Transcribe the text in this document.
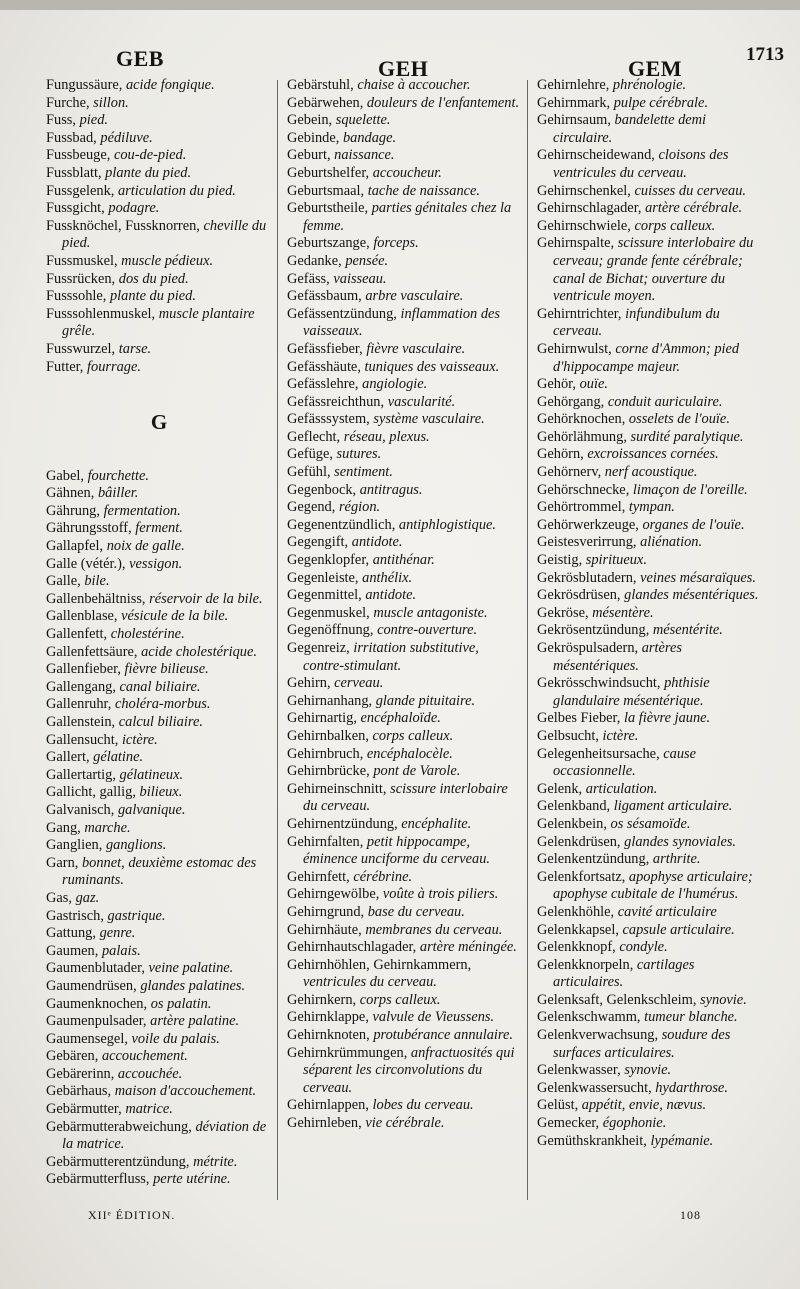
GEB	GEH	GEM
1713
Fungussäure, acide fongique.
Furche, sillon.
Fuss, pied.
Fussbad, pédiluve.
Fussbeuge, cou-de-pied.
Fussblatt, plante du pied.
Fussgelenk, articulation du pied.
Fussgicht, podagre.
Fussknöchel, Fussknorren, cheville du pied.
Fussmuskel, muscle pédieux.
Fussrücken, dos du pied.
Fusssohle, plante du pied.
Fusssohlenmuskel, muscle plantaire grêle.
Fusswurzel, tarse.
Futter, fourrage.
G
Gabel, fourchette.
Gähnen, bâiller.
Gährung, fermentation.
Gährungsstoff, ferment.
Gallapfel, noix de galle.
Galle (vétér.), vessigon.
Galle, bile.
Gallenbehältniss, réservoir de la bile.
Gallenblase, vésicule de la bile.
Gallenfett, cholestérine.
Gallenfettsäure, acide cholestérique.
Gallenfieber, fièvre bilieuse.
Gallengang, canal biliaire.
Gallenruhr, choléra-morbus.
Gallenstein, calcul biliaire.
Gallensucht, ictère.
Gallert, gélatine.
Gallertartig, gélatineux.
Gallicht, gallig, bilieux.
Galvanisch, galvanique.
Gang, marche.
Ganglien, ganglions.
Garn, bonnet, deuxième estomac des ruminants.
Gas, gaz.
Gastrisch, gastrique.
Gattung, genre.
Gaumen, palais.
Gaumenblutader, veine palatine.
Gaumendrüsen, glandes palatines.
Gaumenknochen, os palatin.
Gaumenpulsader, artère palatine.
Gaumensegel, voile du palais.
Gebären, accouchement.
Gebärerinn, accouchée.
Gebärhaus, maison d'accouchement.
Gebärmutter, matrice.
Gebärmutterabweichung, déviation de la matrice.
Gebärmutterentzündung, métrite.
Gebärmutterfluss, perte utérine.
Gebärstuhl, chaise à accoucher.
Gebärwehen, douleurs de l'enfantement.
Gebein, squelette.
Gebinde, bandage.
Geburt, naissance.
Geburtshelfer, accoucheur.
Geburtsmaal, tache de naissance.
Geburtstheile, parties génitales chez la femme.
Geburtszange, forceps.
Gedanke, pensée.
Gefäss, vaisseau.
Gefässbaum, arbre vasculaire.
Gefässentzündung, inflammation des vaisseaux.
Gefässfieber, fièvre vasculaire.
Gefässhäute, tuniques des vaisseaux.
Gefässlehre, angiologie.
Gefässreichthun, vascularité.
Gefässsystem, système vasculaire.
Geflecht, réseau, plexus.
Gefüge, sutures.
Gefühl, sentiment.
Gegenbock, antitragus.
Gegend, région.
Gegenentzündlich, antiphlogistique.
Gegengift, antidote.
Gegenklopfer, antithénar.
Gegenleiste, anthélix.
Gegenmittel, antidote.
Gegenmuskel, muscle antagoniste.
Gegenöffnung, contre-ouverture.
Gegenreiz, irritation substitutive, contre-stimulant.
Gehirn, cerveau.
Gehirnanhang, glande pituitaire.
Gehirnartig, encéphaloïde.
Gehirnbalken, corps calleux.
Gehirnbruch, encéphalocèle.
Gehirnbrücke, pont de Varole.
Gehirneinschnitt, scissure interlobaire du cerveau.
Gehirnentzündung, encéphalite.
Gehirnfalten, petit hippocampe, éminence unciforme du cerveau.
Gehirnfett, cérébrine.
Gehirngewölbe, voûte à trois piliers.
Gehirngrund, base du cerveau.
Gehirnhäute, membranes du cerveau.
Gehirnhautschlagader, artère méningée.
Gehirnhöhlen, Gehirnkammern, ventricules du cerveau.
Gehirnkern, corps calleux.
Gehirnklappe, valvule de Vieussens.
Gehirnknoten, protubérance annulaire.
Gehirnkrümmungen, anfractuosités qui séparent les circonvolutions du cerveau.
Gehirnlappen, lobes du cerveau.
Gehirnleben, vie cérébrale.
Gehirnlehre, phrénologie.
Gehirnmark, pulpe cérébrale.
Gehirnsaum, bandelette demi circulaire.
Gehirnscheidewand, cloisons des ventricules du cerveau.
Gehirnschenkel, cuisses du cerveau.
Gehirnschlagader, artère cérébrale.
Gehirnschwiele, corps calleux.
Gehirnspalte, scissure interlobaire du cerveau; grande fente cérébrale; canal de Bichat; ouverture du ventricule moyen.
Gehirntrichter, infundibulum du cerveau.
Gehirnwulst, corne d'Ammon; pied d'hippocampe majeur.
Gehör, ouïe.
Gehörgang, conduit auriculaire.
Gehörknochen, osselets de l'ouïe.
Gehörlähmung, surdité paralytique.
Gehörn, excroissances cornées.
Gehörnerv, nerf acoustique.
Gehörschnecke, limaçon de l'oreille.
Gehörtrommel, tympan.
Gehörwerkzeuge, organes de l'ouïe.
Geistesverirrung, aliénation.
Geistig, spiritueux.
Gekrösblutadern, veines mésaraïques.
Gekrösdrüsen, glandes mésentériques.
Gekröse, mésentère.
Gekrösentzündung, mésentérite.
Gekröspulsadern, artères mésentériques.
Gekrösschwindsucht, phthisie glandulaire mésentérique.
Gelbes Fieber, la fièvre jaune.
Gelbsucht, ictère.
Gelegenheitsursache, cause occasionnelle.
Gelenk, articulation.
Gelenkband, ligament articulaire.
Gelenkbein, os sésamoïde.
Gelenkdrüsen, glandes synoviales.
Gelenkentzündung, arthrite.
Gelenkfortsatz, apophyse articulaire; apophyse cubitale de l'humérus.
Gelenkhöhle, cavité articulaire
Gelenkkapsel, capsule articulaire.
Gelenkknopf, condyle.
Gelenkknorpeln, cartilages articulaires.
Gelenksaft, Gelenkschleim, synovie.
Gelenkschwamm, tumeur blanche.
Gelenkverwachsung, soudure des surfaces articulaires.
Gelenkwasser, synovie.
Gelenkwassersucht, hydarthrose.
Gelüst, appétit, envie, nævus.
Gemecker, égophonie.
Gemüthskrankheit, lypémanie.
XIIᵉ ÉDITION.	108
